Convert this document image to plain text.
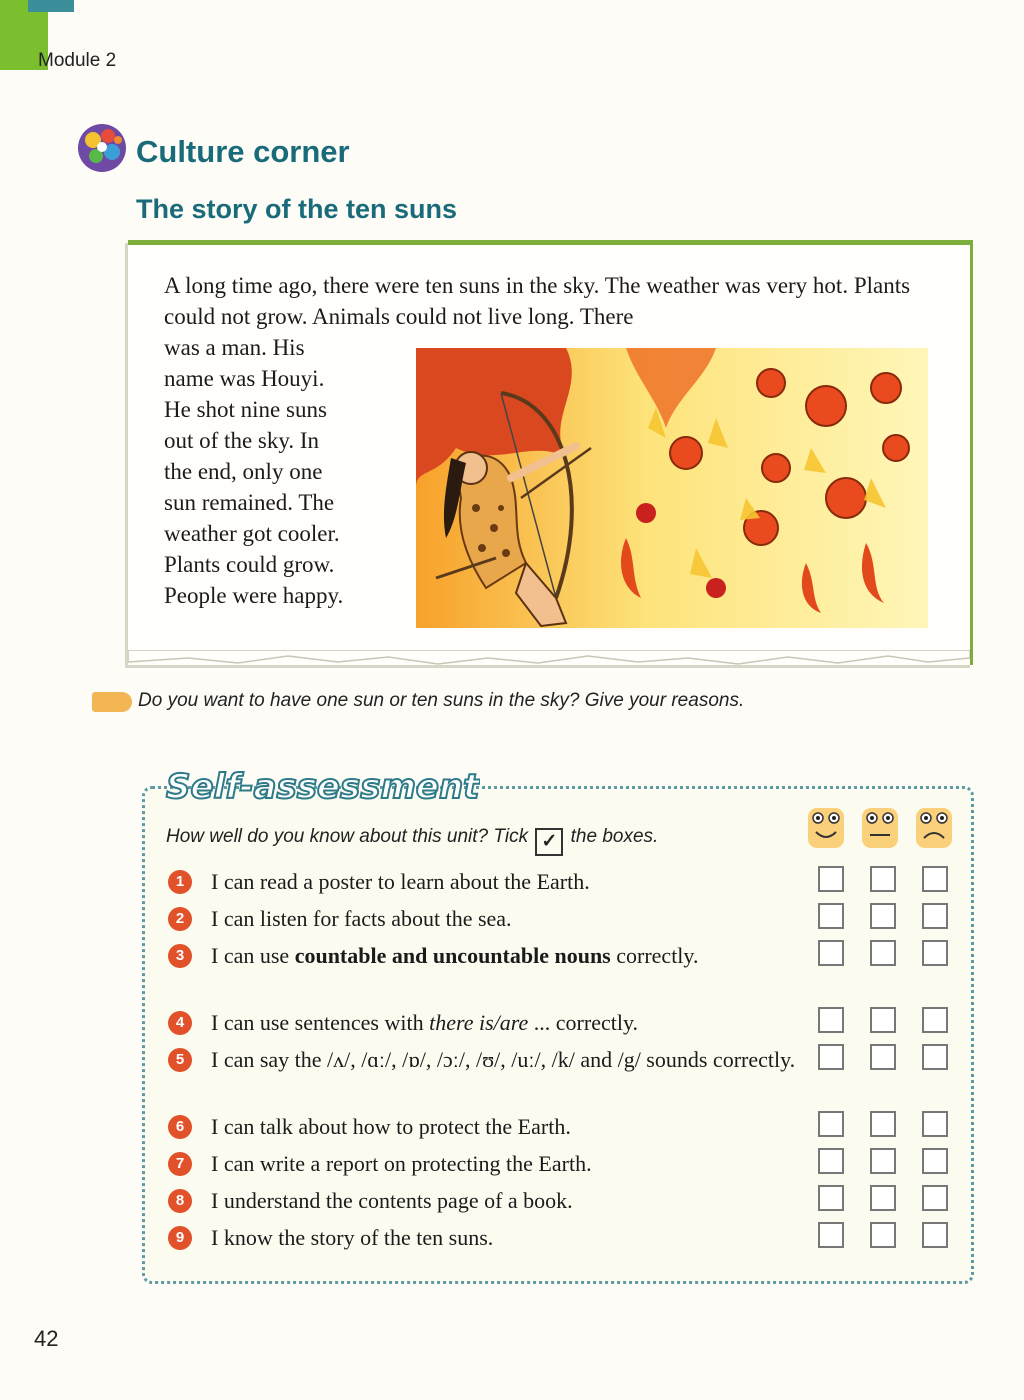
Module 2
Culture corner
The story of the ten suns
A long time ago, there were ten suns in the sky. The weather was very hot. Plants could not grow. Animals could not live long. There
was a man. His
name was Houyi.
He shot nine suns
out of the sky. In
the end, only one
sun remained. The
weather got cooler.
Plants could grow.
People were happy.
Do you want to have one sun or ten suns in the sky? Give your reasons.
Self-assessment
How well do you know about this unit? Tick ✓ the boxes.
1	I can read a poster to learn about the Earth.
2	I can listen for facts about the sea.
3	I can use countable and uncountable nouns correctly.
4	I can use sentences with there is/are ... correctly.
5	I can say the /ʌ/, /ɑː/, /ɒ/, /ɔː/, /ʊ/, /uː/, /k/ and /g/ sounds correctly.
6	I can talk about how to protect the Earth.
7	I can write a report on protecting the Earth.
8	I understand the contents page of a book.
9	I know the story of the ten suns.
42
